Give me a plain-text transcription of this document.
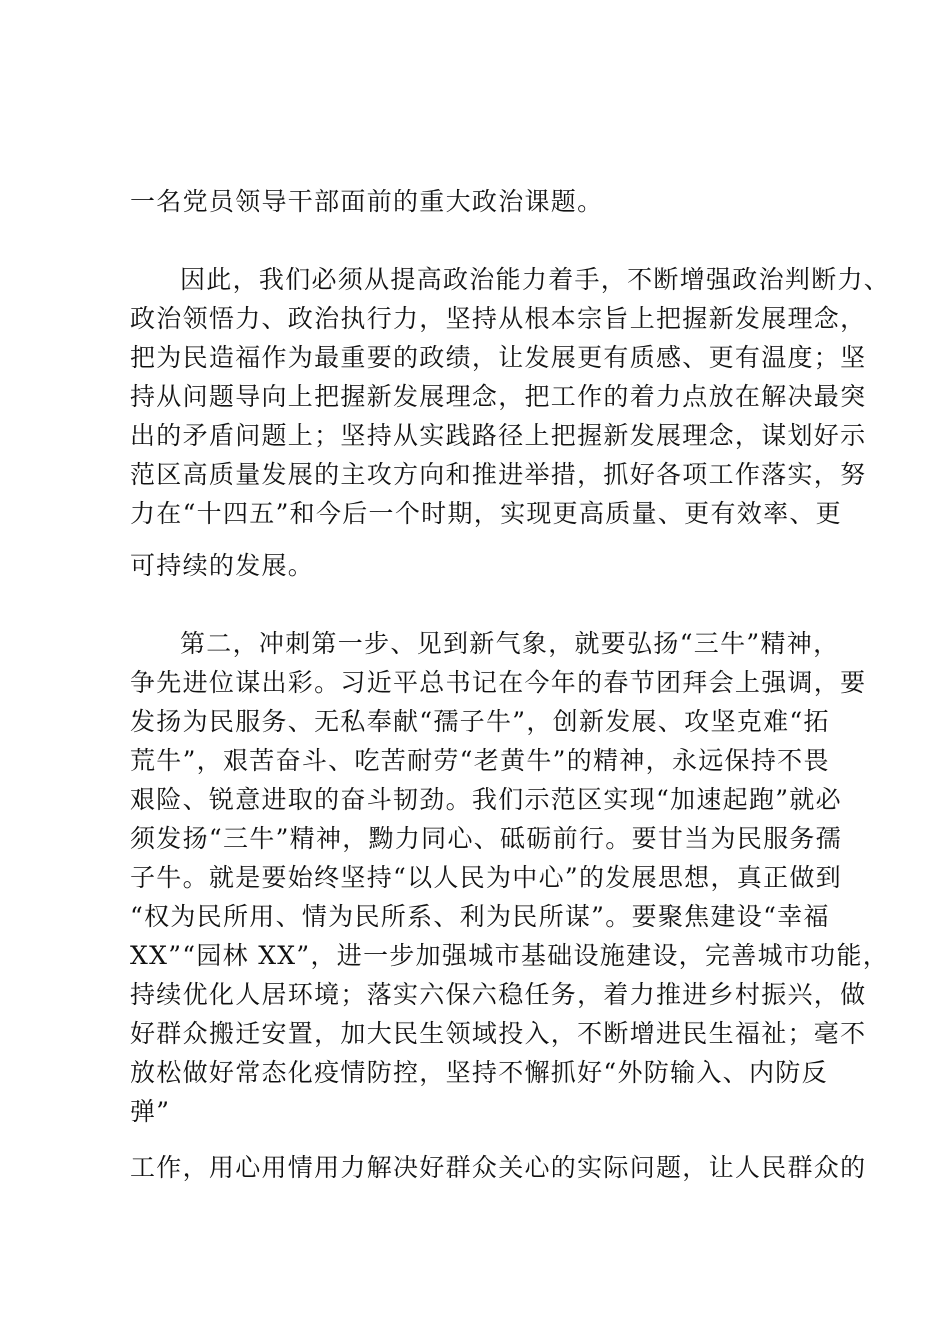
一名党员领导干部面前的重大政治课题。
因此，我们必须从提高政治能力着手，不断增强政治判断力、
政治领悟力、政治执行力，坚持从根本宗旨上把握新发展理念，
把为民造福作为最重要的政绩，让发展更有质感、更有温度；坚
持从问题导向上把握新发展理念，把工作的着力点放在解决最突
出的矛盾问题上；坚持从实践路径上把握新发展理念，谋划好示
范区高质量发展的主攻方向和推进举措，抓好各项工作落实，努
力在“十四五”和今后一个时期，实现更高质量、更有效率、更
可持续的发展。
第二，冲刺第一步、见到新气象，就要弘扬“三牛”精神，
争先进位谋出彩。习近平总书记在今年的春节团拜会上强调，要
发扬为民服务、无私奉献“孺子牛”，创新发展、攻坚克难“拓
荒牛”，艰苦奋斗、吃苦耐劳“老黄牛”的精神，永远保持不畏
艰险、锐意进取的奋斗韧劲。我们示范区实现“加速起跑”就必
须发扬“三牛”精神，黝力同心、砥砺前行。要甘当为民服务孺
子牛。就是要始终坚持“以人民为中心”的发展思想，真正做到
“权为民所用、情为民所系、利为民所谋”。要聚焦建设“幸福
XX”“园林 XX”，进一步加强城市基础设施建设，完善城市功能，
持续优化人居环境；落实六保六稳任务，着力推进乡村振兴，做
好群众搬迁安置，加大民生领域投入，不断增进民生福祉；毫不
放松做好常态化疫情防控，坚持不懈抓好“外防输入、内防反
弹”
工作，用心用情用力解决好群众关心的实际问题，让人民群众的
